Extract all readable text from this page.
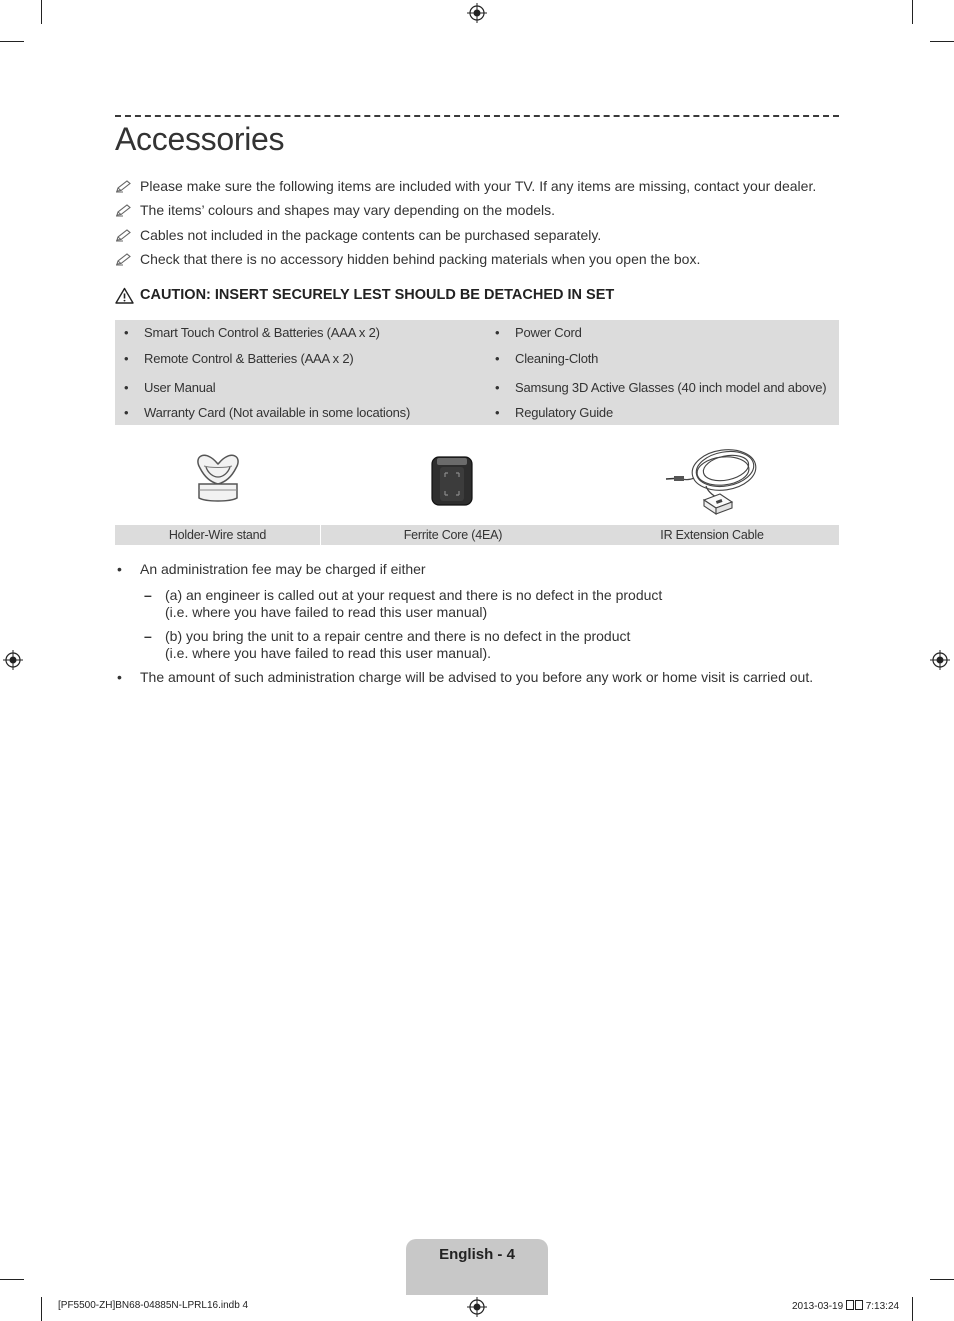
Accessories
Please make sure the following items are included with your TV. If any items are missing, contact your dealer.
The items’ colours and shapes may vary depending on the models.
Cables not included in the package contents can be purchased separately.
Check that there is no accessory hidden behind packing materials when you open the box.
CAUTION: INSERT SECURELY LEST SHOULD BE DETACHED IN SET
• Smart Touch Control & Batteries (AAA x 2)
• Remote Control & Batteries (AAA x 2)
• User Manual
• Warranty Card (Not available in some locations)
• Power Cord
• Cleaning-Cloth
• Samsung 3D Active Glasses (40 inch model and above)
• Regulatory Guide
Holder-Wire stand	Ferrite Core (4EA)	IR Extension Cable
• An administration fee may be charged if either
– (a) an engineer is called out at your request and there is no defect in the product
(i.e. where you have failed to read this user manual)
– (b) you bring the unit to a repair centre and there is no defect in the product
(i.e. where you have failed to read this user manual).
• The amount of such administration charge will be advised to you before any work or home visit is carried out.
English - 4
[PF5500-ZH]BN68-04885N-LPRL16.indb 4	2013-03-19  7:13:24
